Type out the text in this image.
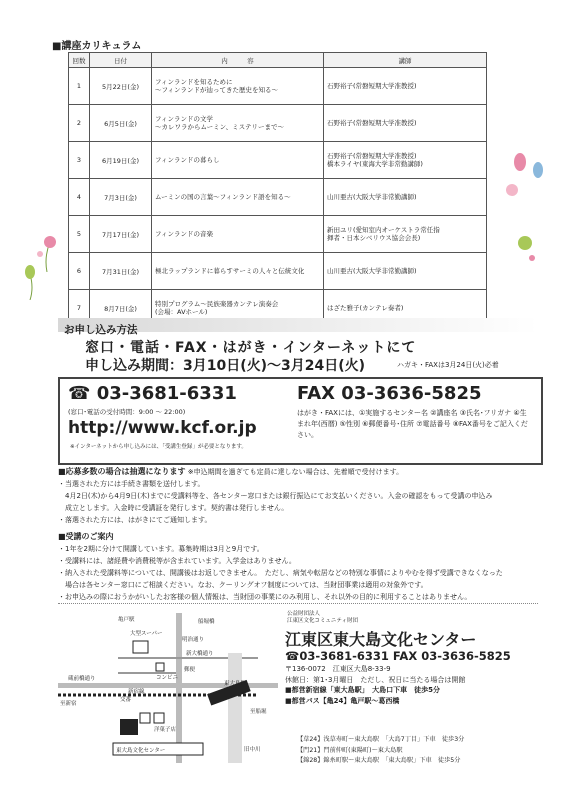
■講座カリキュラム
回数	日付	内　　　容	講師
1	5月22日(金)	フィンランドを知るために
〜フィンランドが辿ってきた歴史を知る〜	石野裕子(常磐短期大学准教授)

2	6月5日(金)	フィンランドの文学
〜カレワラからムーミン、ミステリーまで〜	石野裕子(常磐短期大学准教授)

3	6月19日(金)	フィンランドの暮らし	石野裕子(常磐短期大学准教授)
橋本ライヤ(東海大学非常勤講師)

4	7月3日(金)	ムーミンの国の言葉〜フィンランド語を知る〜	山川亜古(大阪大学非常勤講師)

5	7月17日(金)	フィンランドの音楽	新田ユリ(愛知室内オーケストラ常任指
揮者・日本シベリウス協会会長)

6	7月31日(金)	極北ラップランドに暮らすサーミの人々と伝統文化	山川亜古(大阪大学非常勤講師)

7	8月7日(金)	特別プログラム〜民族楽器カンテレ演奏会
(会場：AVホール)	はざた雅子(カンテレ奏者)
お申し込み方法
窓口・電話・FAX・はがき・インターネットにて
申し込み期間：3月10日(火)〜3月24日(火)	ハガキ・FAXは3月24日(火)必着
☎ 03-3681-6331
(窓口･電話の受付時間：9:00 〜 22:00)
http://www.kcf.or.jp
※インターネットから申し込みには、「受講生登録」が必要となります。
FAX 03-3636-5825
はがき・FAXには、①実施するセンター名 ②講座名 ③氏名･フリガナ ④生まれ年(西暦) ⑤性別 ⑥郵便番号･住所 ⑦電話番号 ⑧FAX番号をご記入ください。
■応募多数の場合は抽選になります ※申込期間を過ぎても定員に達しない場合は、先着順で受付けます。
・当選された方には手続き書類を送付します。
　4月2日(木)から4月9日(木)までに受講料等を、各センター窓口または銀行振込にてお支払いください。入金の確認をもって受講の申込み
　成立とします。入金時に受講証を発行します。契約書は発行しません。
・落選された方には、はがきにてご通知します。
■受講のご案内
・1年を2期に分けて開講しています。募集時期は3月と9月です。
・受講料には、諸経費や消費税等が含まれています。入学金はありません。
・納入された受講料等については、開講後はお返しできません。　ただし、病気や転居などの特別な事情によりやむを得ず受講できなくなった
　場合は各センター窓口にご相談ください。なお、クーリングオフ制度については、当財団事業は適用の対象外です。
・お申込みの際におうかがいしたお客様の個人情報は、当財団の事業にのみ利用し、それ以外の目的に利用することはありません。
大型スーパー
亀戸駅
蔵前橋通り
新大橋通り
コンビニ
船堀橋
至新宿
至船堀
交番
郵便
洋菓子店
新宿線
東大島駅
旧中川
東大島文化センター
明治通り
公益財団法人
江東区文化コミュニティ財団
江東区東大島文化センター
☎03-3681-6331 FAX 03-3636-5825
〒136-0072　江東区大島8-33-9
休館日：第1･3月曜日　ただし、祝日に当たる場合は開館
■都営新宿線「東大島駅」　大島口下車　徒歩5分
■都営バス【亀24】亀戸駅〜葛西橋
【草24】浅草寿町〜東大島駅　「大島7丁目」下車　徒歩3分
【門21】門前仲町(東陽町)〜東大島駅
【錦28】錦糸町駅〜東大島駅　「東大島駅」下車　徒歩5分
